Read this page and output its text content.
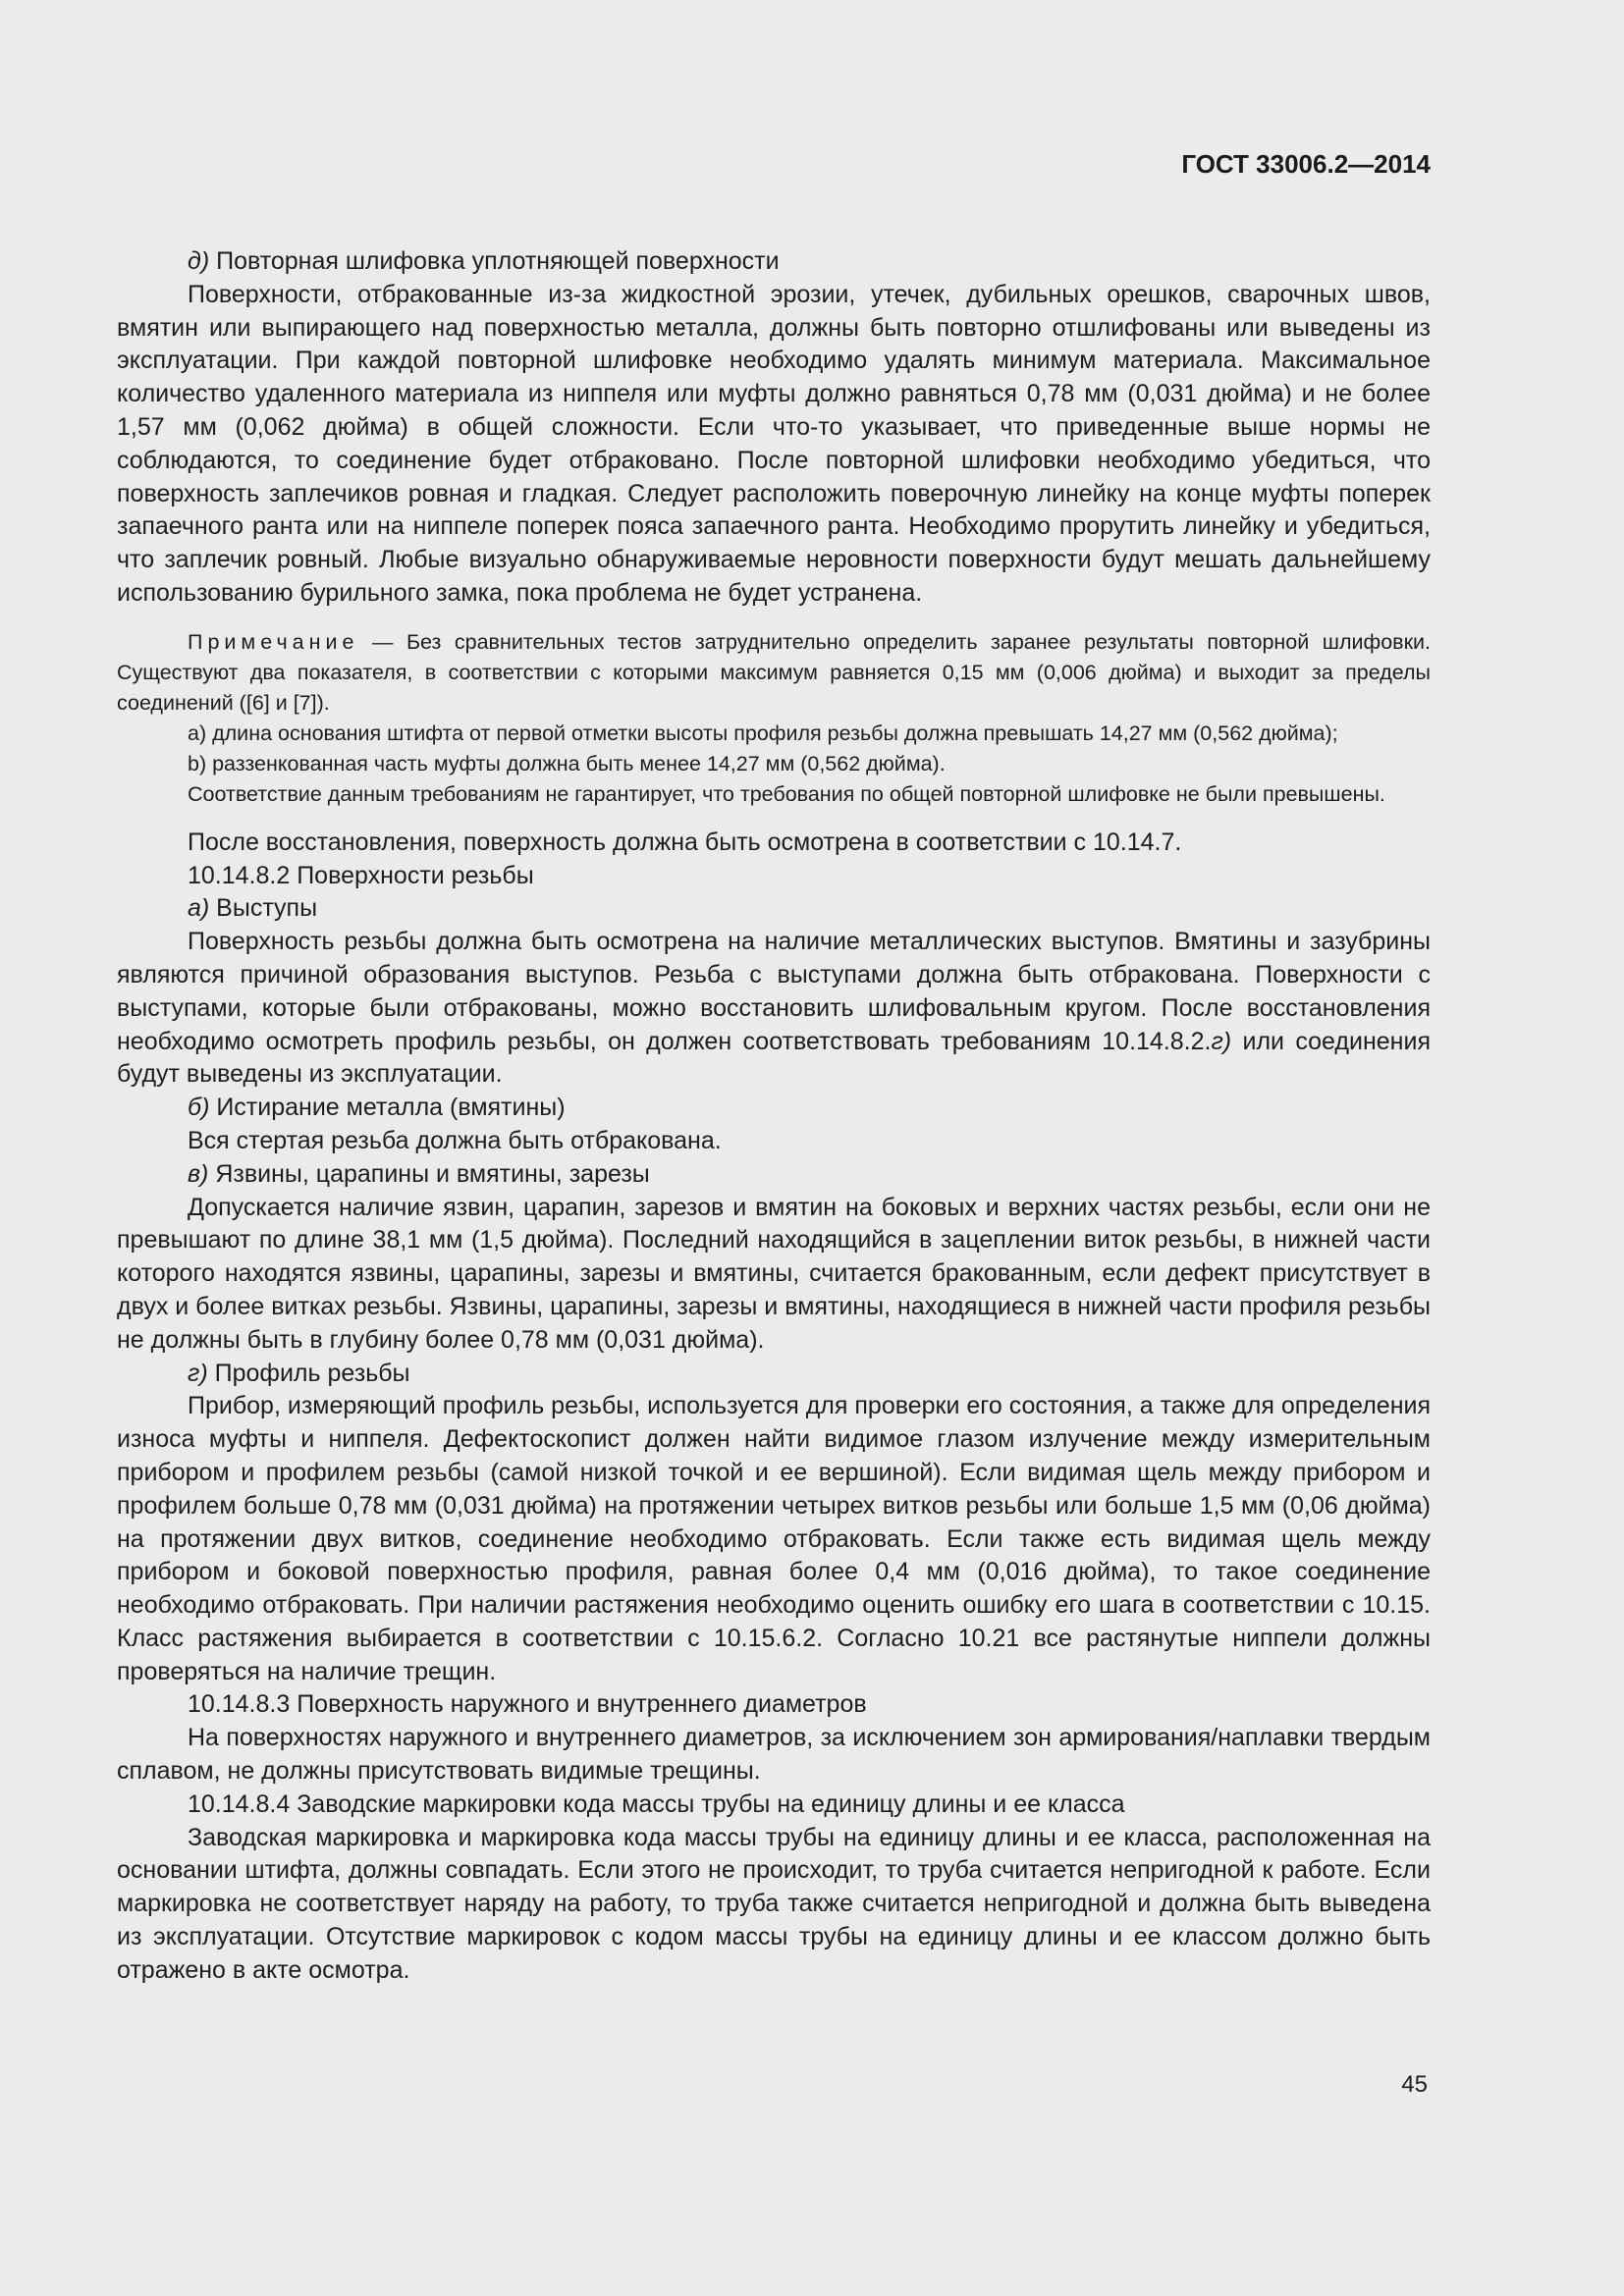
ГОСТ 33006.2—2014

д) Повторная шлифовка уплотняющей поверхности

Поверхности, отбракованные из-за жидкостной эрозии, утечек, дубильных орешков, сварочных швов, вмятин или выпирающего над поверхностью металла, должны быть повторно отшлифованы или выведены из эксплуатации. При каждой повторной шлифовке необходимо удалять минимум материала. Максимальное количество удаленного материала из ниппеля или муфты должно равняться 0,78 мм (0,031 дюйма) и не более 1,57 мм (0,062 дюйма) в общей сложности. Если что-то указывает, что приведенные выше нормы не соблюдаются, то соединение будет отбраковано. После повторной шлифовки необходимо убедиться, что поверхность заплечиков ровная и гладкая. Следует расположить поверочную линейку на конце муфты поперек запаечного ранта или на ниппеле поперек пояса запаечного ранта. Необходимо прорутить линейку и убедиться, что заплечик ровный. Любые визуально обнаруживаемые неровности поверхности будут мешать дальнейшему использованию бурильного замка, пока проблема не будет устранена.

Примечание — Без сравнительных тестов затруднительно определить заранее результаты повторной шлифовки. Существуют два показателя, в соответствии с которыми максимум равняется 0,15 мм (0,006 дюйма) и выходит за пределы соединений ([6] и [7]).

a) длина основания штифта от первой отметки высоты профиля резьбы должна превышать 14,27 мм (0,562 дюйма);

b) раззенкованная часть муфты должна быть менее 14,27 мм (0,562 дюйма).

Соответствие данным требованиям не гарантирует, что требования по общей повторной шлифовке не были превышены.

После восстановления, поверхность должна быть осмотрена в соответствии с 10.14.7.

10.14.8.2 Поверхности резьбы

а) Выступы

Поверхность резьбы должна быть осмотрена на наличие металлических выступов. Вмятины и зазубрины являются причиной образования выступов. Резьба с выступами должна быть отбракована. Поверхности с выступами, которые были отбракованы, можно восстановить шлифовальным кругом. После восстановления необходимо осмотреть профиль резьбы, он должен соответствовать требованиям 10.14.8.2.г) или соединения будут выведены из эксплуатации.

б) Истирание металла (вмятины)

Вся стертая резьба должна быть отбракована.

в) Язвины, царапины и вмятины, зарезы

Допускается наличие язвин, царапин, зарезов и вмятин на боковых и верхних частях резьбы, если они не превышают по длине 38,1 мм (1,5 дюйма). Последний находящийся в зацеплении виток резьбы, в нижней части которого находятся язвины, царапины, зарезы и вмятины, считается бракованным, если дефект присутствует в двух и более витках резьбы. Язвины, царапины, зарезы и вмятины, находящиеся в нижней части профиля резьбы не должны быть в глубину более 0,78 мм (0,031 дюйма).

г) Профиль резьбы

Прибор, измеряющий профиль резьбы, используется для проверки его состояния, а также для определения износа муфты и ниппеля. Дефектоскопист должен найти видимое глазом излучение между измерительным прибором и профилем резьбы (самой низкой точкой и ее вершиной). Если видимая щель между прибором и профилем больше 0,78 мм (0,031 дюйма) на протяжении четырех витков резьбы или больше 1,5 мм (0,06 дюйма) на протяжении двух витков, соединение необходимо отбраковать. Если также есть видимая щель между прибором и боковой поверхностью профиля, равная более 0,4 мм (0,016 дюйма), то такое соединение необходимо отбраковать. При наличии растяжения необходимо оценить ошибку его шага в соответствии с 10.15. Класс растяжения выбирается в соответствии с 10.15.6.2. Согласно 10.21 все растянутые ниппели должны проверяться на наличие трещин.

10.14.8.3 Поверхность наружного и внутреннего диаметров

На поверхностях наружного и внутреннего диаметров, за исключением зон армирования/наплавки твердым сплавом, не должны присутствовать видимые трещины.

10.14.8.4 Заводские маркировки кода массы трубы на единицу длины и ее класса

Заводская маркировка и маркировка кода массы трубы на единицу длины и ее класса, расположенная на основании штифта, должны совпадать. Если этого не происходит, то труба считается непригодной к работе. Если маркировка не соответствует наряду на работу, то труба также считается непригодной и должна быть выведена из эксплуатации. Отсутствие маркировок с кодом массы трубы на единицу длины и ее классом должно быть отражено в акте осмотра.

45
